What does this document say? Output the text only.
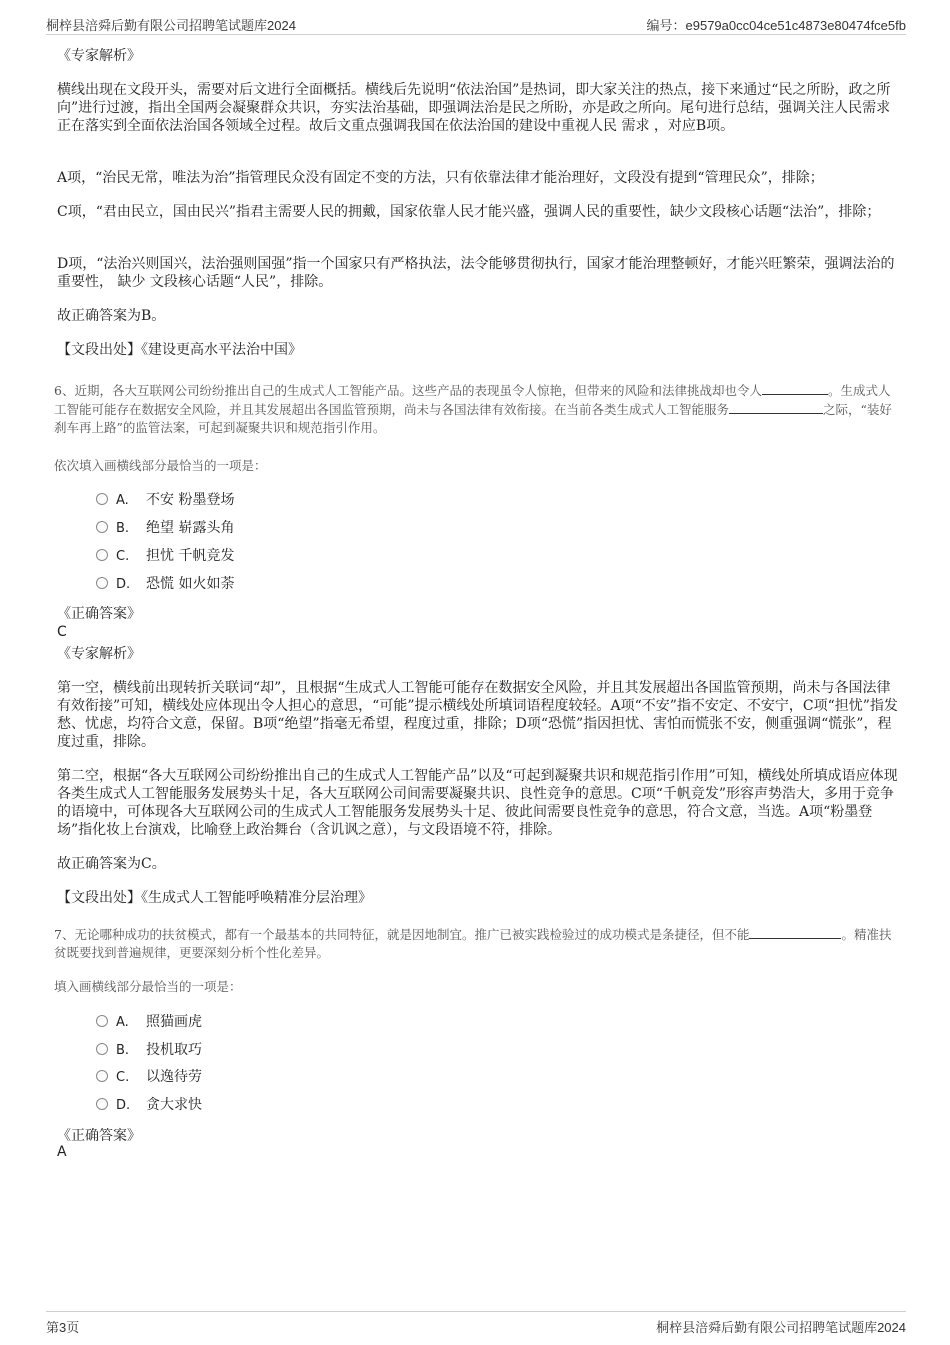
桐梓县涪舜后勤有限公司招聘笔试题库2024	编号：e9579a0cc04ce51c4873e80474fce5fb
《专家解析》
横线出现在文段开头，需要对后文进行全面概括。横线后先说明“依法治国”是热词，即大家关注的热点，接下来通过“民之所盼，政之所向”进行过渡，指出全国两会凝聚群众共识，夯实法治基础，即强调法治是民之所盼，亦是政之所向。尾句进行总结，强调关注人民需求正在落实到全面依法治国各领域全过程。故后文重点强调我国在依法治国的建设中重视人民 需求 ，对应B项。
A项，“治民无常，唯法为治”指管理民众没有固定不变的方法，只有依靠法律才能治理好，文段没有提到“管理民众”，排除；
C项，“君由民立，国由民兴”指君主需要人民的拥戴，国家依靠人民才能兴盛，强调人民的重要性，缺少文段核心话题“法治”，排除；
D项，“法治兴则国兴，法治强则国强”指一个国家只有严格执法，法令能够贯彻执行，国家才能治理整顿好，才能兴旺繁荣，强调法治的重要性， 缺少 文段核心话题“人民”，排除。
故正确答案为B。
【文段出处】《建设更高水平法治中国》
6、近期，各大互联网公司纷纷推出自己的生成式人工智能产品。这些产品的表现虽令人惊艳，但带来的风险和法律挑战却也令人	。生成式人工智能可能存在数据安全风险，并且其发展超出各国监管预期，尚未与各国法律有效衔接。在当前各类生成式人工智能服务	之际，“装好刹车再上路”的监管法案，可起到凝聚共识和规范指引作用。
依次填入画横线部分最恰当的一项是：
A. 不安 粉墨登场
B. 绝望 崭露头角
C. 担忧 千帆竞发
D. 恐慌 如火如荼
《正确答案》
C
《专家解析》
第一空，横线前出现转折关联词“却”，且根据“生成式人工智能可能存在数据安全风险，并且其发展超出各国监管预期，尚未与各国法律有效衔接”可知，横线处应体现出令人担心的意思，“可能”提示横线处所填词语程度较轻。A项“不安”指不安定、不安宁，C项“担忧”指发愁、忧虑，均符合文意，保留。B项“绝望”指毫无希望，程度过重，排除；D项“恐慌”指因担忧、害怕而慌张不安，侧重强调“慌张”，程度过重，排除。
第二空，根据“各大互联网公司纷纷推出自己的生成式人工智能产品”以及“可起到凝聚共识和规范指引作用”可知，横线处所填成语应体现各类生成式人工智能服务发展势头十足，各大互联网公司间需要凝聚共识、良性竞争的意思。C项“千帆竞发”形容声势浩大，多用于竞争的语境中，可体现各大互联网公司的生成式人工智能服务发展势头十足、彼此间需要良性竞争的意思，符合文意，当选。A项“粉墨登场”指化妆上台演戏，比喻登上政治舞台（含讥讽之意），与文段语境不符，排除。
故正确答案为C。
【文段出处】《生成式人工智能呼唤精准分层治理》
7、无论哪种成功的扶贫模式，都有一个最基本的共同特征，就是因地制宜。推广已被实践检验过的成功模式是条捷径，但不能	。精准扶贫既要找到普遍规律，更要深刻分析个性化差异。
填入画横线部分最恰当的一项是：
A. 照猫画虎
B. 投机取巧
C. 以逸待劳
D. 贪大求快
《正确答案》
A
第3页	桐梓县涪舜后勤有限公司招聘笔试题库2024
